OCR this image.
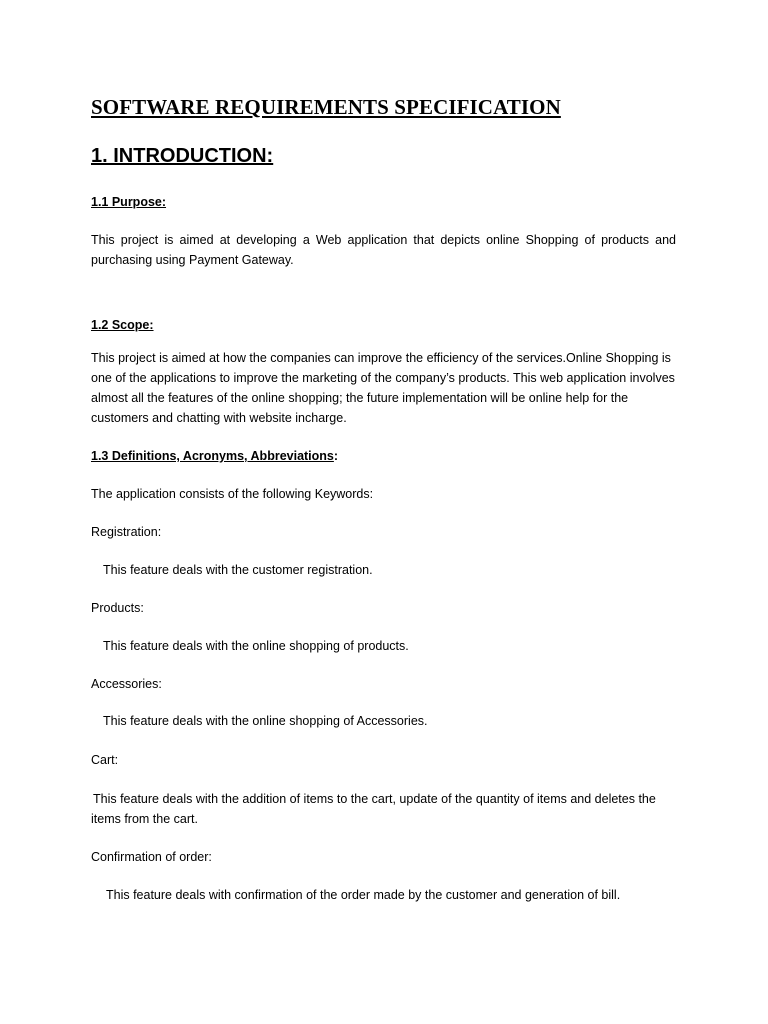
SOFTWARE REQUIREMENTS SPECIFICATION
1. INTRODUCTION:
1.1 Purpose:

This project is aimed at developing a Web application that depicts online Shopping of products and purchasing using Payment Gateway.

1.2 Scope:

This project is aimed at how the companies can improve the efficiency of the services.Online Shopping is one of the applications to improve the marketing of the company’s products. This web application involves almost all the features of the online shopping; the future implementation will be online help for the customers and chatting with website incharge.

1.3 Definitions, Acronyms, Abbreviations:

The application consists of the following Keywords:

Registration:

This feature deals with the customer registration.

Products:

This feature deals with the online shopping of products.

Accessories:

This feature deals with the online shopping of Accessories.

Cart:

This feature deals with the addition of items to the cart, update of the quantity of items and deletes the items from the cart.

Confirmation of order:

This feature deals with confirmation of the order made by the customer and generation of bill.
